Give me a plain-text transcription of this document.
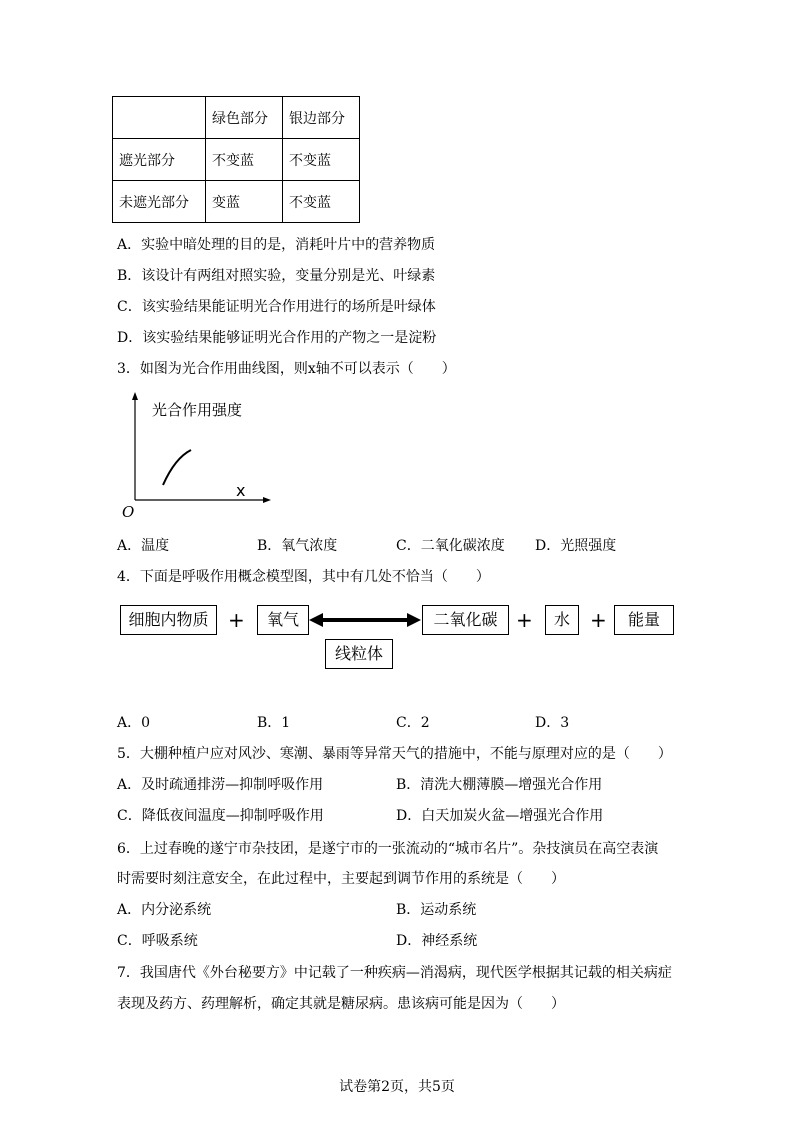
	绿色部分	银边部分
遮光部分	不变蓝	不变蓝
未遮光部分	变蓝	不变蓝
A．实验中暗处理的目的是，消耗叶片中的营养物质
B．该设计有两组对照实验，变量分别是光、叶绿素
C．该实验结果能证明光合作用进行的场所是叶绿体
D．该实验结果能够证明光合作用的产物之一是淀粉
3．如图为光合作用曲线图，则x轴不可以表示（　　）
光合作用强度
x
O
A．温度	B．氧气浓度	C．二氧化碳浓度 D．光照强度
4．下面是呼吸作用概念模型图，其中有几处不恰当（　　）
细胞内物质 +	氧气	二氧化碳 +	水	+	能量
线粒体
A．0	B．1	C．2	D．3
5．大棚种植户应对风沙、寒潮、暴雨等异常天气的措施中，不能与原理对应的是（　　）
A．及时疏通排涝—抑制呼吸作用	B．清洗大棚薄膜—增强光合作用
C．降低夜间温度—抑制呼吸作用	D．白天加炭火盆—增强光合作用
6．上过春晚的遂宁市杂技团，是遂宁市的一张流动的“城市名片”。杂技演员在高空表演
时需要时刻注意安全，在此过程中，主要起到调节作用的系统是（　　）
A．内分泌系统	B．运动系统
C．呼吸系统	D．神经系统
7．我国唐代《外台秘要方》中记载了一种疾病—消渴病，现代医学根据其记载的相关病症
表现及药方、药理解析，确定其就是糖尿病。患该病可能是因为（　　）
试卷第2页，共5页
